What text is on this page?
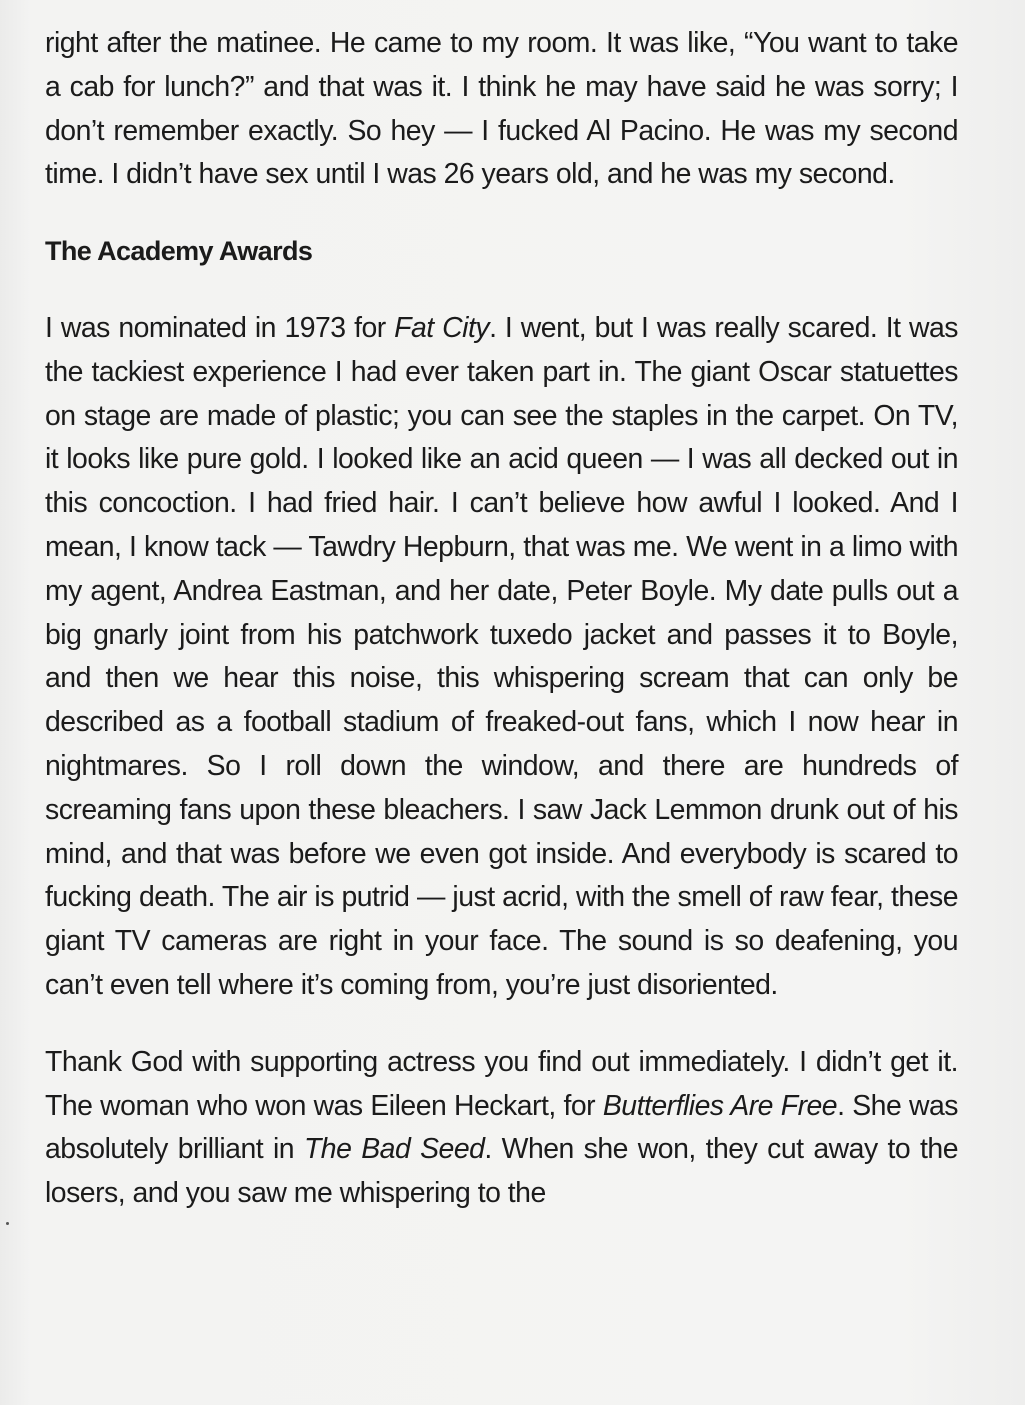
right after the matinee. He came to my room. It was like, “You want to take a cab for lunch?” and that was it. I think he may have said he was sorry; I don’t remember exactly. So hey — I fucked Al Pacino. He was my second time. I didn’t have sex until I was 26 years old, and he was my second.

The Academy Awards

I was nominated in 1973 for Fat City. I went, but I was really scared. It was the tackiest experience I had ever taken part in. The giant Oscar statuettes on stage are made of plastic; you can see the staples in the carpet. On TV, it looks like pure gold. I looked like an acid queen — I was all decked out in this concoction. I had fried hair. I can’t believe how awful I looked. And I mean, I know tack — Tawdry Hepburn, that was me. We went in a limo with my agent, Andrea Eastman, and her date, Peter Boyle. My date pulls out a big gnarly joint from his patchwork tuxedo jacket and passes it to Boyle, and then we hear this noise, this whispering scream that can only be described as a football stadium of freaked-out fans, which I now hear in nightmares. So I roll down the window, and there are hundreds of screaming fans upon these bleachers. I saw Jack Lemmon drunk out of his mind, and that was before we even got inside. And everybody is scared to fucking death. The air is putrid — just acrid, with the smell of raw fear, these giant TV cameras are right in your face. The sound is so deafening, you can’t even tell where it’s coming from, you’re just disoriented.

Thank God with supporting actress you find out immediately. I didn’t get it. The woman who won was Eileen Heckart, for Butterflies Are Free. She was absolutely brilliant in The Bad Seed. When she won, they cut away to the losers, and you saw me whispering to the
